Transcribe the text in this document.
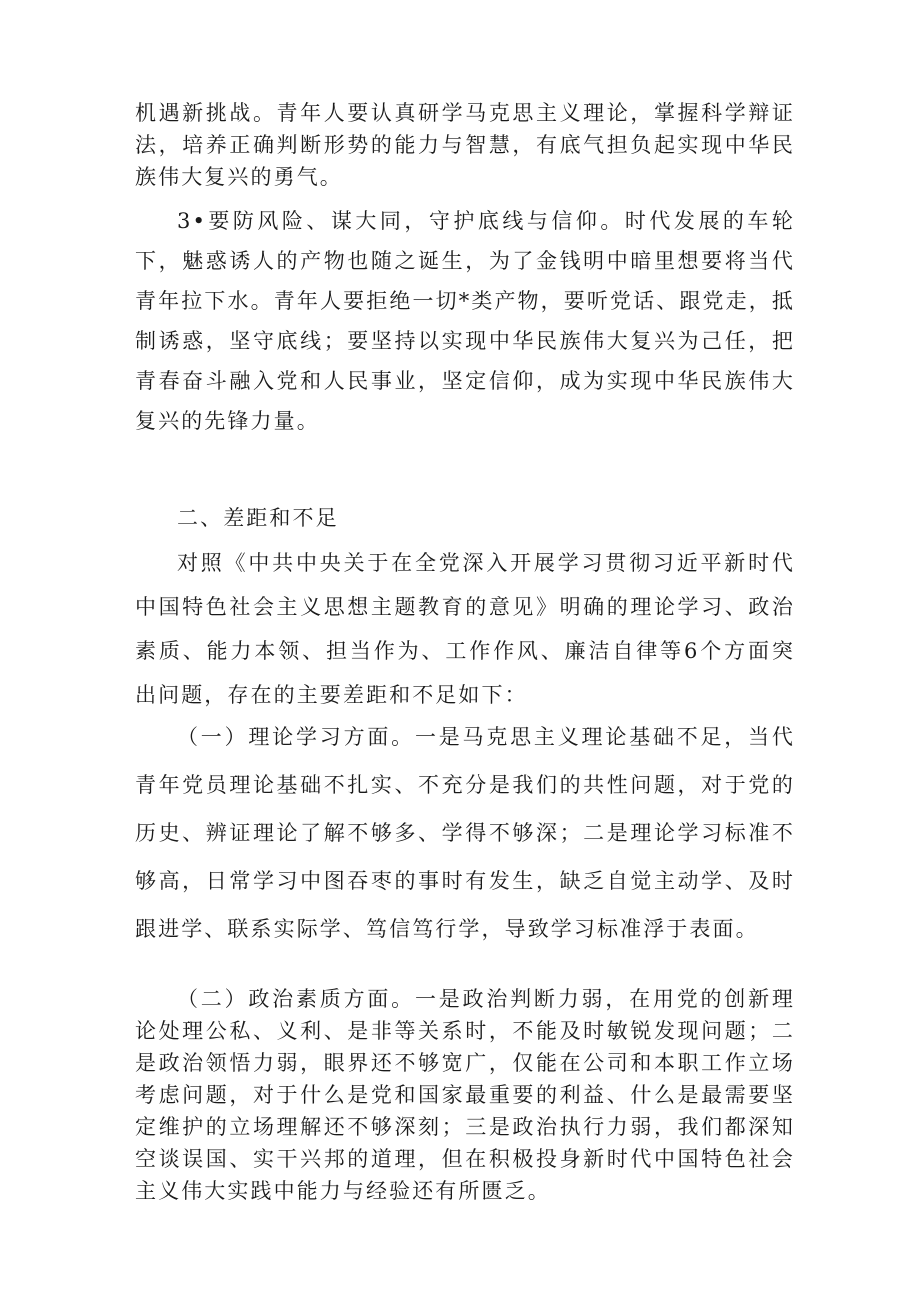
机遇新挑战。青年人要认真研学马克思主义理论，掌握科学辩证法，培养正确判断形势的能力与智慧，有底气担负起实现中华民族伟大复兴的勇气。

3•要防风险、谋大同，守护底线与信仰。时代发展的车轮下，魅惑诱人的产物也随之诞生，为了金钱明中暗里想要将当代青年拉下水。青年人要拒绝一切*类产物，要听党话、跟党走，抵制诱惑，坚守底线；要坚持以实现中华民族伟大复兴为己任，把青春奋斗融入党和人民事业，坚定信仰，成为实现中华民族伟大复兴的先锋力量。

二、差距和不足

对照《中共中央关于在全党深入开展学习贯彻习近平新时代中国特色社会主义思想主题教育的意见》明确的理论学习、政治素质、能力本领、担当作为、工作作风、廉洁自律等6个方面突出问题，存在的主要差距和不足如下：

（一）理论学习方面。一是马克思主义理论基础不足，当代青年党员理论基础不扎实、不充分是我们的共性问题，对于党的历史、辨证理论了解不够多、学得不够深；二是理论学习标准不够高，日常学习中图吞枣的事时有发生，缺乏自觉主动学、及时跟进学、联系实际学、笃信笃行学，导致学习标准浮于表面。

（二）政治素质方面。一是政治判断力弱，在用党的创新理论处理公私、义利、是非等关系时，不能及时敏锐发现问题；二是政治领悟力弱，眼界还不够宽广，仅能在公司和本职工作立场考虑问题，对于什么是党和国家最重要的利益、什么是最需要坚定维护的立场理解还不够深刻；三是政治执行力弱，我们都深知空谈误国、实干兴邦的道理，但在积极投身新时代中国特色社会主义伟大实践中能力与经验还有所匮乏。
